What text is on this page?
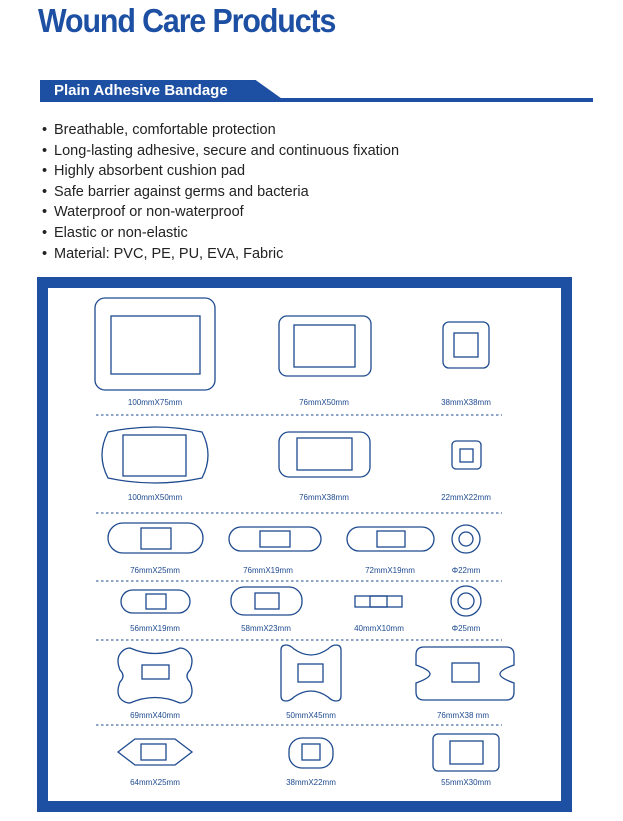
Wound Care Products
Plain Adhesive Bandage
• Breathable, comfortable protection
• Long-lasting adhesive, secure and continuous fixation
• Highly absorbent cushion pad
• Safe barrier against germs and bacteria
• Waterproof or non-waterproof
• Elastic or non-elastic
• Material: PVC, PE, PU, EVA, Fabric
100mmX75mm	76mmX50mm	38mmX38mm
100mmX50mm	76mmX38mm	22mmX22mm
76mmX25mm	76mmX19mm	72mmX19mm	Φ22mm
56mmX19mm	58mmX23mm	40mmX10mm	Φ25mm
69mmX40mm	50mmX45mm	76mmX38 mm
64mmX25mm	38mmX22mm	55mmX30mm
